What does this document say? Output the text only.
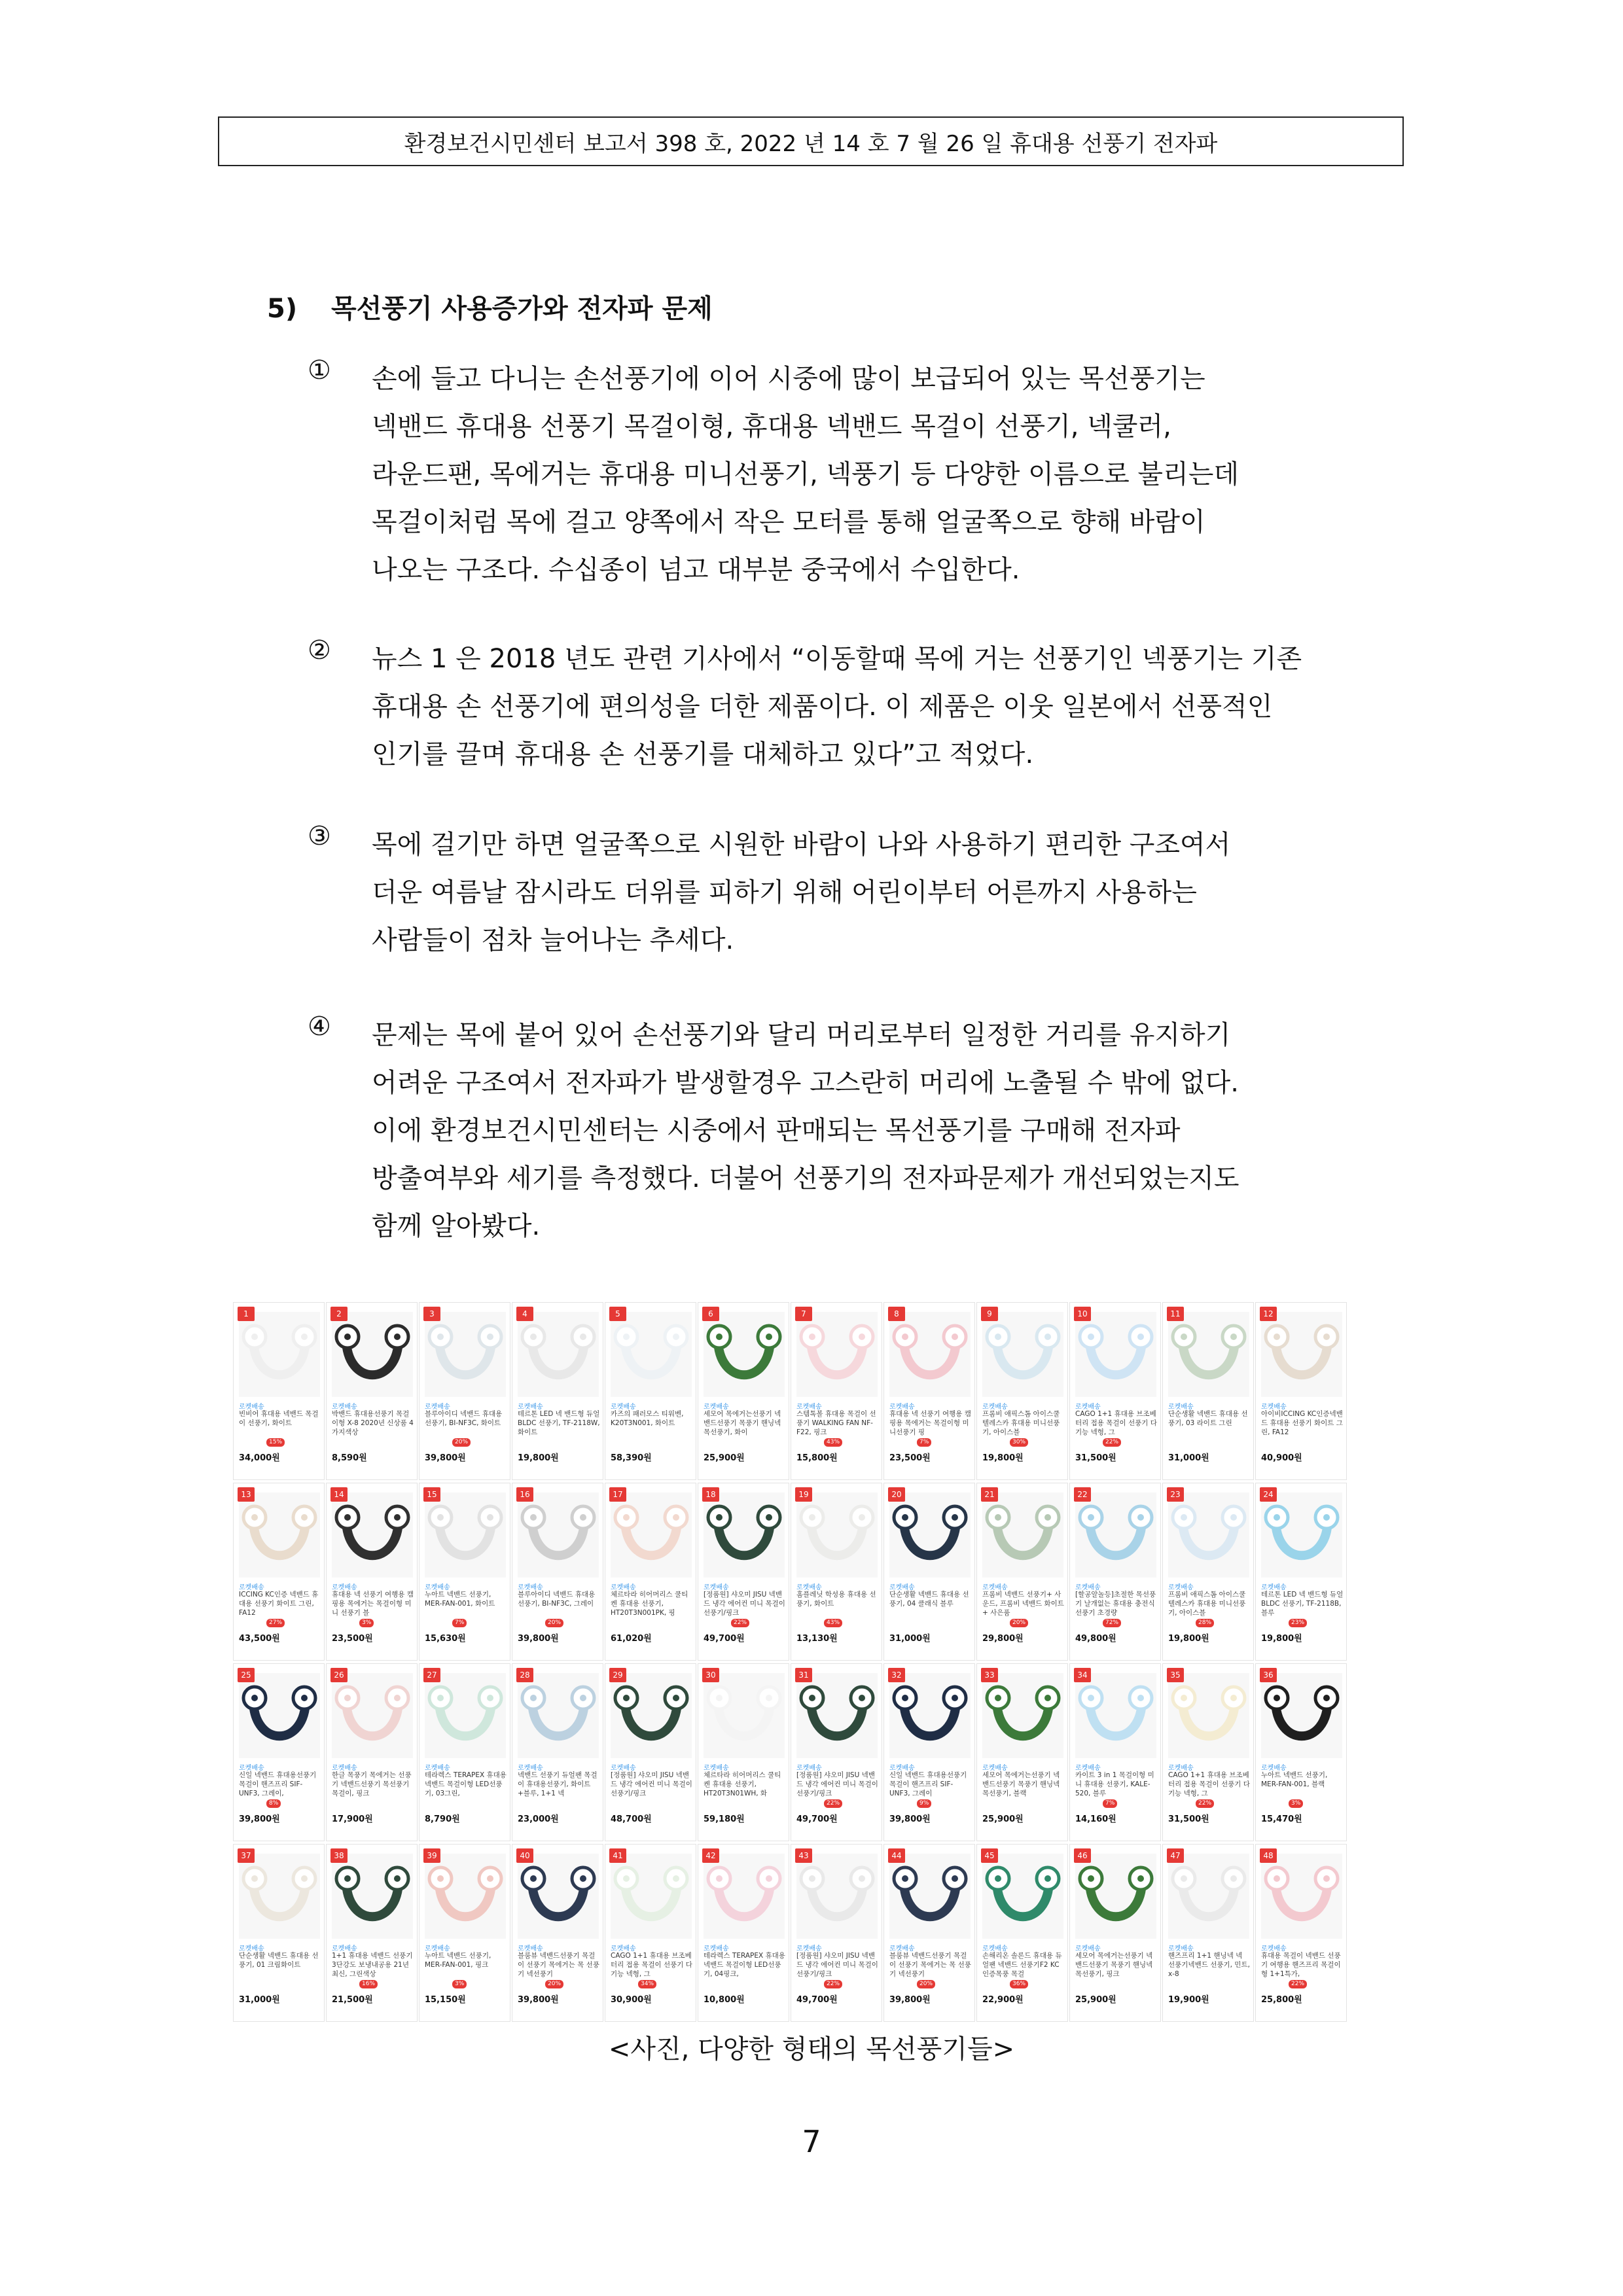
환경보건시민센터 보고서 398 호, 2022 년 14 호 7 월 26 일 휴대용 선풍기 전자파
5) 목선풍기 사용증가와 전자파 문제
①	손에 들고 다니는 손선풍기에 이어 시중에 많이 보급되어 있는 목선풍기는
넥밴드 휴대용 선풍기 목걸이형, 휴대용 넥밴드 목걸이 선풍기, 넥쿨러,
라운드팬, 목에거는 휴대용 미니선풍기, 넥풍기 등 다양한 이름으로 불리는데
목걸이처럼 목에 걸고 양쪽에서 작은 모터를 통해 얼굴쪽으로 향해 바람이
나오는 구조다. 수십종이 넘고 대부분 중국에서 수입한다.
②	뉴스 1 은 2018 년도 관련 기사에서 “이동할때 목에 거는 선풍기인 넥풍기는 기존
휴대용 손 선풍기에 편의성을 더한 제품이다. 이 제품은 이웃 일본에서 선풍적인
인기를 끌며 휴대용 손 선풍기를 대체하고 있다”고 적었다.
③	목에 걸기만 하면 얼굴쪽으로 시원한 바람이 나와 사용하기 편리한 구조여서
더운 여름날 잠시라도 더위를 피하기 위해 어린이부터 어른까지 사용하는
사람들이 점차 늘어나는 추세다.
④	문제는 목에 붙어 있어 손선풍기와 달리 머리로부터 일정한 거리를 유지하기
어려운 구조여서 전자파가 발생할경우 고스란히 머리에 노출될 수 밖에 없다.
이에 환경보건시민센터는 시중에서 판매되는 목선풍기를 구매해 전자파
방출여부와 세기를 측정했다. 더불어 선풍기의 전자파문제가 개선되었는지도
함께 알아봤다.
1
로켓배송
빈비어 휴대용 넥밴드 목걸이 선풍기, 화이트
15%
34,000원
2
로켓배송
박밴드 휴대용선풍기 목걸이형 X-8 2020년 신상품 4가지색상
8,590원
3
로켓배송
블루아이디 넥밴드 휴대용 선풍기, BI-NF3C, 화이트
20%
39,800원
4
로켓배송
테르톤 LED 넥 밴드형 듀얼 BLDC 선풍기, TF-2118W, 화이트
19,800원
5
로켓배송
카즈의 패러모스 티워벤, K20T3N001, 화이트
58,390원
6
로켓배송
세모어 목에거는선풍기 넥밴드선풍기 목풍기 핸닝넥목선풍기, 화이
25,900원
7
로켓배송
스템톡볼 휴대용 목걸이 선풍기 WALKING FAN NF-F22, 핑크
43%
15,800원
8
로켓배송
휴대용 넥 선풍기 여행용 캠핑용 목에거는 목걸이형 미니선풍기 핑
7%
23,500원
9
로켓배송
프롬비 애픽스톰 아이스쿨 텔레스카 휴대용 미니선풍기, 아이스블
30%
19,800원
10
로켓배송
CAGO 1+1 휴대용 브조베터리 접용 목걸이 선풍기 다기능 넥형, 그
22%
31,500원
11
로켓배송
단순생활 넥밴드 휴대용 선풍기, 03 라이트 그린
31,000원
12
로켓배송
아이비ICCING KC인증넥밴드 휴대용 선풍기 화이트 그린, FA12
40,900원
13
로켓배송
ICCING KC인증 넥밴드 휴대용 선풍기 화이트 그린, FA12
27%
43,500원
14
로켓배송
휴대용 넥 선풍기 여행용 캠핑용 목에거는 목걸이형 미니 선풍기 블
3%
23,500원
15
로켓배송
누아트 넥밴드 선풍기, MER-FAN-001, 화이트
7%
15,630원
16
로켓배송
블루아이디 넥밴드 휴대용 선풍기, BI-NF3C, 그레이
20%
39,800원
17
로켓배송
체르타라 히어머리스 쿨티켄 휴대용 선풍기, HT20T3N001PK, 핑
61,020원
18
로켓배송
[정품원] 샤오미 JISU 넥밴드 냉각 에어컨 미니 목걸이 선풍기/핑크
22%
49,700원
19
로켓배송
홈플레닛 학성용 휴대용 선풍기, 화이트
43%
13,130원
20
로켓배송
단순생활 넥밴드 휴대용 선풍기, 04 클래식 블루
31,000원
21
로켓배송
프롬비 넥밴드 선풍기+ 사운드, 프롬비 넥밴드 화이트 + 사은품
20%
29,800원
22
로켓배송
[할공알놀등]초절한 목선풍기 날개없는 휴대용 충전식 선풍기 초경량
72%
49,800원
23
로켓배송
프롬비 애픽스톰 아이스쿨 텔레스카 휴대용 미니선풍기, 아이스블
28%
19,800원
24
로켓배송
테르톤 LED 넥 밴드형 듀얼 BLDC 선풍기, TF-2118B, 블루
23%
19,800원
25
로켓배송
신일 넥밴드 휴대용선풍기 목걸이 핸즈프리 SIF-UNF3, 그레이,
8%
39,800원
26
로켓배송
한글 목풍기 목에거는 선풍기 넥밴드선풍기 목선풍기목걸이, 핑크
17,900원
27
로켓배송
테라렉스 TERAPEX 휴대용넥밴드 목걸이형 LED선풍기, 03그린,
8,790원
28
로켓배송
넥밴드 선풍기 듀얼팬 목걸이 휴대용선풍기, 화이트+블루, 1+1 넥
23,000원
29
로켓배송
[정품원] 샤오미 JISU 넥밴드 냉각 에어컨 미니 목걸이 선풍기/핑크
48,700원
30
로켓배송
체르타라 히어머리스 쿨티켄 휴대용 선풍기, HT20T3N01WH, 화
59,180원
31
로켓배송
[정품원] 샤오미 JISU 넥밴드 냉각 에어컨 미니 목걸이 선풍기/핑크
22%
49,700원
32
로켓배송
신일 넥밴드 휴대용선풍기 목걸이 핸즈프리 SIF-UNF3, 그레이
9%
39,800원
33
로켓배송
세모어 목에거는선풍기 넥밴드선풍기 목풍기 핸닝넥목선풍기, 블랙
25,900원
34
로켓배송
카이트 3 in 1 목걸이형 미니 휴대용 선풍기, KALE-520, 블루
7%
14,160원
35
로켓배송
CAGO 1+1 휴대용 브조베터리 접용 목걸이 선풍기 다기능 넥형, 그
22%
31,500원
36
로켓배송
누아트 넥밴드 선풍기, MER-FAN-001, 블랙
3%
15,470원
37
로켓배송
단순생활 넥밴드 휴대용 선풍기, 01 크림화이트
31,000원
38
로켓배송
1+1 휴대용 넥밴드 선풍기 3단강도 보냉내공용 21년 최신, 그린색상
16%
21,500원
39
로켓배송
누아트 넥밴드 선풍기, MER-FAN-001, 핑크
3%
15,150원
40
로켓배송
블룸뷰 넥밴드선풍기 목걸이 선풍기 목에거는 목 선풍기 넥선풍기
20%
39,800원
41
로켓배송
CAGO 1+1 휴대용 브조베터리 접용 목걸이 선풍기 다기능 넥형, 그
34%
30,900원
42
로켓배송
테라렉스 TERAPEX 휴대용넥밴드 목걸이형 LED선풍기, 04핑크,
10,800원
43
로켓배송
[정품원] 샤오미 JISU 넥밴드 냉각 에어컨 미니 목걸이 선풍기/핑크
22%
49,700원
44
로켓배송
블룸뷰 넥밴드선풍기 목걸이 선풍기 목에거는 목 선풍기 넥선풍기
20%
39,800원
45
로켓배송
손해리온 솔론드 휴대용 듀얼팬 넥밴드 선풍기F2 KC인증목풍 목걸
36%
22,900원
46
로켓배송
세모어 목에거는선풍기 넥밴드선풍기 목풍기 핸닝넥목선풍기, 핑크
25,900원
47
로켓배송
핸즈프리 1+1 핸닝넥 넥 선풍기넥밴드 선풍기, 민트, x-8
19,900원
48
로켓배송
휴대용 목걸이 넥밴드 선풍기 여행용 핸즈프리 목걸이 형 1+1특가,
22%
25,800원
<사진, 다양한 형태의 목선풍기들>
7
